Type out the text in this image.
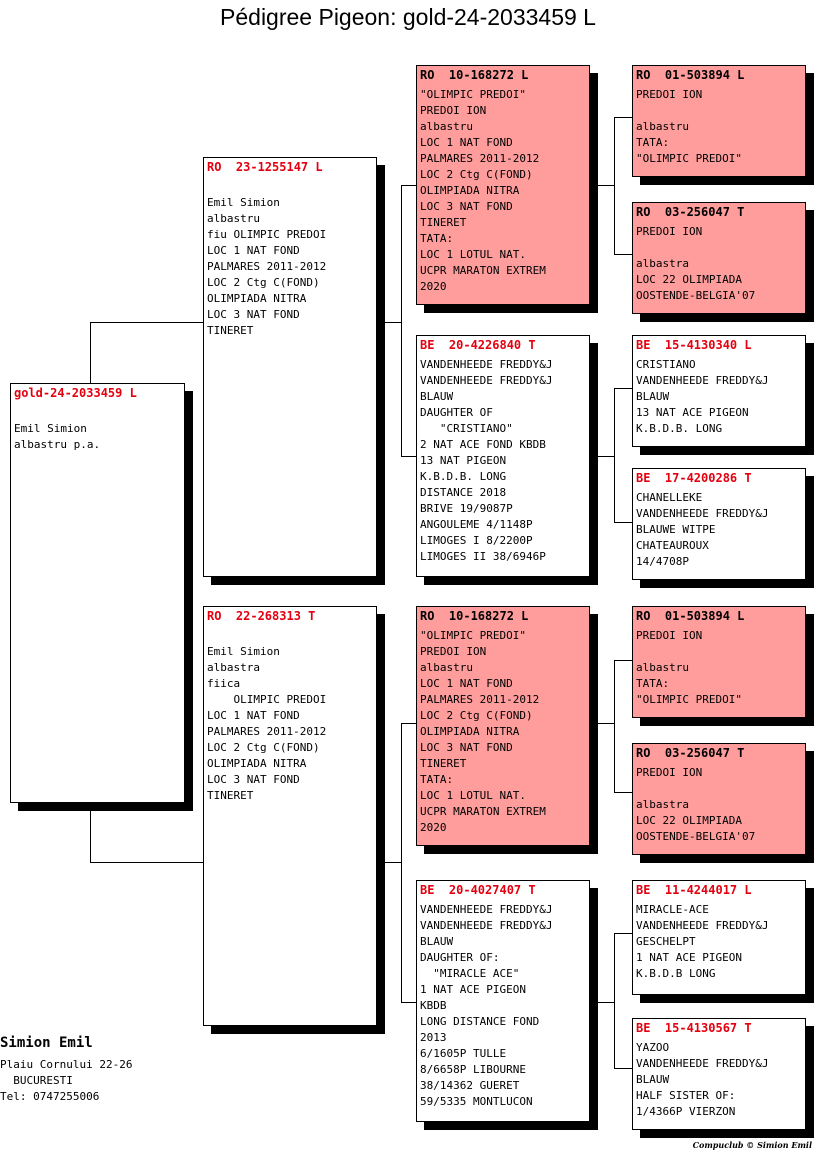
Pédigree Pigeon: gold-24-2033459 L
gold-24-2033459 L
Emil Simion
albastru p.a.
RO  23-1255147 L
Emil Simion
albastru
fiu OLIMPIC PREDOI
LOC 1 NAT FOND
PALMARES 2011-2012
LOC 2 Ctg C(FOND)
OLIMPIADA NITRA
LOC 3 NAT FOND
TINERET
RO  22-268313 T
Emil Simion
albastra
fiica
OLIMPIC PREDOI
LOC 1 NAT FOND
PALMARES 2011-2012
LOC 2 Ctg C(FOND)
OLIMPIADA NITRA
LOC 3 NAT FOND
TINERET
RO  10-168272 L
"OLIMPIC PREDOI"
PREDOI ION
albastru
LOC 1 NAT FOND
PALMARES 2011-2012
LOC 2 Ctg C(FOND)
OLIMPIADA NITRA
LOC 3 NAT FOND
TINERET
TATA:
LOC 1 LOTUL NAT.
UCPR MARATON EXTREM
2020
BE  20-4226840 T
VANDENHEEDE FREDDY&J
VANDENHEEDE FREDDY&J
BLAUW
DAUGHTER OF
"CRISTIANO"
2 NAT ACE FOND KBDB
13 NAT PIGEON
K.B.D.B. LONG
DISTANCE 2018
BRIVE 19/9087P
ANGOULEME 4/1148P
LIMOGES I 8/2200P
LIMOGES II 38/6946P
RO  10-168272 L
"OLIMPIC PREDOI"
PREDOI ION
albastru
LOC 1 NAT FOND
PALMARES 2011-2012
LOC 2 Ctg C(FOND)
OLIMPIADA NITRA
LOC 3 NAT FOND
TINERET
TATA:
LOC 1 LOTUL NAT.
UCPR MARATON EXTREM
2020
BE  20-4027407 T
VANDENHEEDE FREDDY&J
VANDENHEEDE FREDDY&J
BLAUW
DAUGHTER OF:
"MIRACLE ACE"
1 NAT ACE PIGEON
KBDB
LONG DISTANCE FOND
2013
6/1605P TULLE
8/6658P LIBOURNE
38/14362 GUERET
59/5335 MONTLUCON
RO  01-503894 L
PREDOI ION
albastru
TATA:
"OLIMPIC PREDOI"
RO  03-256047 T
PREDOI ION
albastra
LOC 22 OLIMPIADA
OOSTENDE-BELGIA'07
BE  15-4130340 L
CRISTIANO
VANDENHEEDE FREDDY&J
BLAUW
13 NAT ACE PIGEON
K.B.D.B. LONG
BE  17-4200286 T
CHANELLEKE
VANDENHEEDE FREDDY&J
BLAUWE WITPE
CHATEAUROUX
14/4708P
RO  01-503894 L
PREDOI ION
albastru
TATA:
"OLIMPIC PREDOI"
RO  03-256047 T
PREDOI ION
albastra
LOC 22 OLIMPIADA
OOSTENDE-BELGIA'07
BE  11-4244017 L
MIRACLE-ACE
VANDENHEEDE FREDDY&J
GESCHELPT
1 NAT ACE PIGEON
K.B.D.B LONG
BE  15-4130567 T
YAZOO
VANDENHEEDE FREDDY&J
BLAUW
HALF SISTER OF:
1/4366P VIERZON
Simion Emil
Plaiu Cornului 22-26
BUCURESTI
Tel: 0747255006
Compuclub © Simion Emil
